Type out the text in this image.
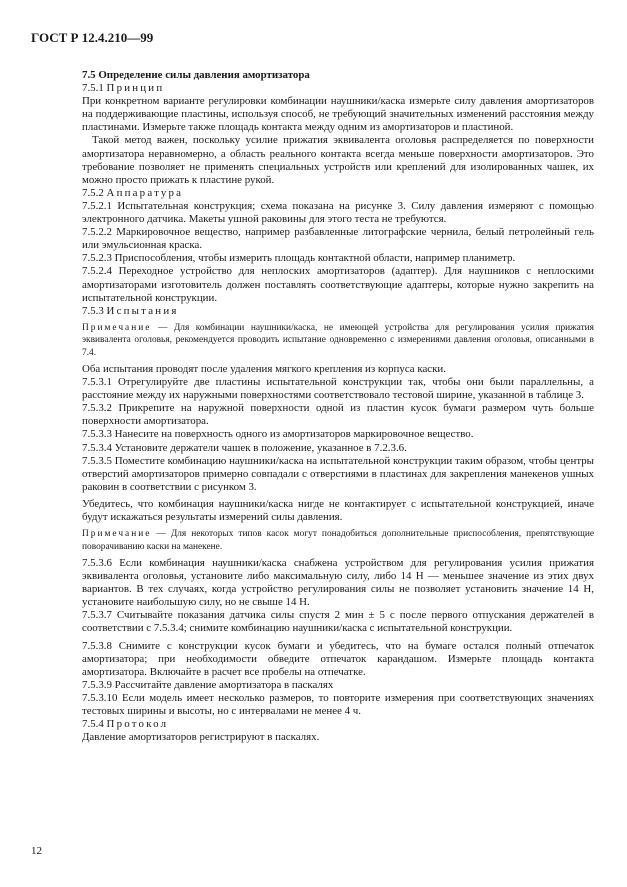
ГОСТ Р 12.4.210—99

7.5 Определение силы давления амортизатора

7.5.1 Принцип

При конкретном варианте регулировки комбинации наушники/каска измерьте силу давления амортизаторов на поддерживающие пластины, используя способ, не требующий значительных изменений расстояния между пластинами. Измерьте также площадь контакта между одним из амортизаторов и пластиной.

Такой метод важен, поскольку усилие прижатия эквивалента оголовья распределяется по поверхности амортизатора неравномерно, а область реального контакта всегда меньше поверхности амортизаторов. Это требование позволяет не применять специальных устройств или креплений для изолированных чашек, их можно просто прижать к пластине рукой.

7.5.2 Аппаратура

7.5.2.1 Испытательная конструкция; схема показана на рисунке 3. Силу давления измеряют с помощью электронного датчика. Макеты ушной раковины для этого теста не требуются.

7.5.2.2 Маркировочное вещество, например разбавленные литографские чернила, белый петролейный гель или эмульсионная краска.

7.5.2.3 Приспособления, чтобы измерить площадь контактной области, например планиметр.

7.5.2.4 Переходное устройство для неплоских амортизаторов (адаптер). Для наушников с неплоскими амортизаторами изготовитель должен поставлять соответствующие адаптеры, которые нужно закрепить на испытательной конструкции.

7.5.3 Испытания

Примечание — Для комбинации наушники/каска, не имеющей устройства для регулирования усилия прижатия эквивалента оголовья, рекомендуется проводить испытание одновременно с измерениями давления оголовья, описанными в 7.4.

Оба испытания проводят после удаления мягкого крепления из корпуса каски.

7.5.3.1 Отрегулируйте две пластины испытательной конструкции так, чтобы они были параллельны, а расстояние между их наружными поверхностями соответствовало тестовой ширине, указанной в таблице 3.

7.5.3.2 Прикрепите на наружной поверхности одной из пластин кусок бумаги размером чуть больше поверхности амортизатора.

7.5.3.3 Нанесите на поверхность одного из амортизаторов маркировочное вещество.

7.5.3.4 Установите держатели чашек в положение, указанное в 7.2.3.6.

7.5.3.5 Поместите комбинацию наушники/каска на испытательной конструкции таким образом, чтобы центры отверстий амортизаторов примерно совпадали с отверстиями в пластинах для закрепления манекенов ушных раковин в соответствии с рисунком 3.

Убедитесь, что комбинация наушники/каска нигде не контактирует с испытательной конструкцией, иначе будут искажаться результаты измерений силы давления.

Примечание — Для некоторых типов касок могут понадобиться дополнительные приспособления, препятствующие поворачиванию каски на манекене.

7.5.3.6 Если комбинация наушники/каска снабжена устройством для регулирования усилия прижатия эквивалента оголовья, установите либо максимальную силу, либо 14 Н — меньшее значение из этих двух вариантов. В тех случаях, когда устройство регулирования силы не позволяет установить значение 14 Н, установите наибольшую силу, но не свыше 14 Н.

7.5.3.7 Считывайте показания датчика силы спустя 2 мин ± 5 с после первого отпускания держателей в соответствии с 7.5.3.4; снимите комбинацию наушники/каска с испытательной конструкции.

7.5.3.8 Снимите с конструкции кусок бумаги и убедитесь, что на бумаге остался полный отпечаток амортизатора; при необходимости обведите отпечаток карандашом. Измерьте площадь контакта амортизатора. Включайте в расчет все пробелы на отпечатке.

7.5.3.9 Рассчитайте давление амортизатора в паскалях

7.5.3.10 Если модель имеет несколько размеров, то повторите измерения при соответствующих значениях тестовых ширины и высоты, но с интервалами не менее 4 ч.

7.5.4 Протокол

Давление амортизаторов регистрируют в паскалях.

12
